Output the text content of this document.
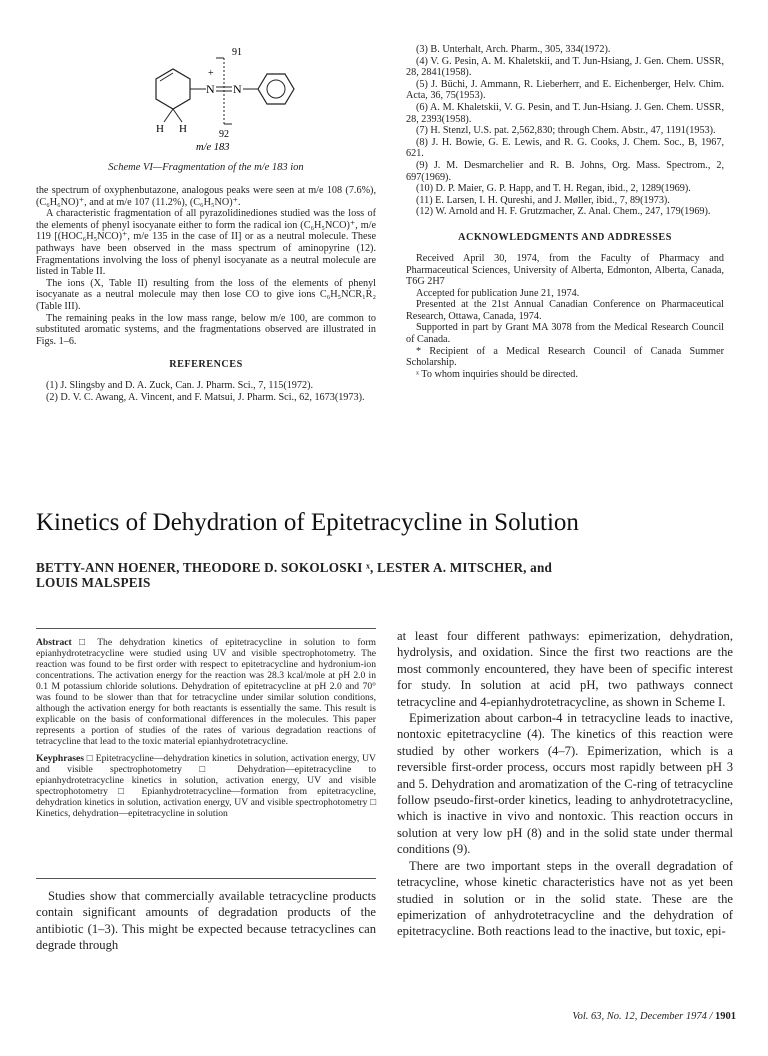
H H
N N
+
91
92
m/e 183
Scheme VI—Fragmentation of the m/e 183 ion

the spectrum of oxyphenbutazone, analogous peaks were seen at m/e 108 (7.6%), (C₆H₆NO)⁺, and at m/e 107 (11.2%), (C₆H₅NO)⁺.

A characteristic fragmentation of all pyrazolidinediones studied was the loss of the elements of phenyl isocyanate either to form the radical ion (C₆H₅NCO)⁺, m/e 119 [(HOC₆H₅NCO)⁺, m/e 135 in the case of II] or as a neutral molecule. These pathways have been observed in the mass spectrum of aminopyrine (12). Fragmentations involving the loss of phenyl isocyanate as a neutral molecule are listed in Table II.

The ions (X, Table II) resulting from the loss of the elements of phenyl isocyanate as a neutral molecule may then lose CO to give ions C₆H₅NCR₁R₂ (Table III).

The remaining peaks in the low mass range, below m/e 100, are common to substituted aromatic systems, and the fragmentations observed are illustrated in Figs. 1–6.

REFERENCES

(1) J. Slingsby and D. A. Zuck, Can. J. Pharm. Sci., 7, 115(1972).

(2) D. V. C. Awang, A. Vincent, and F. Matsui, J. Pharm. Sci., 62, 1673(1973).

(3) B. Unterhalt, Arch. Pharm., 305, 334(1972).

(4) V. G. Pesin, A. M. Khaletskii, and T. Jun-Hsiang, J. Gen. Chem. USSR, 28, 2841(1958).

(5) J. Büchi, J. Ammann, R. Lieberherr, and E. Eichenberger, Helv. Chim. Acta, 36, 75(1953).

(6) A. M. Khaletskii, V. G. Pesin, and T. Jun-Hsiang. J. Gen. Chem. USSR, 28, 2393(1958).

(7) H. Stenzl, U.S. pat. 2,562,830; through Chem. Abstr., 47, 1191(1953).

(8) J. H. Bowie, G. E. Lewis, and R. G. Cooks, J. Chem. Soc., B, 1967, 621.

(9) J. M. Desmarchelier and R. B. Johns, Org. Mass. Spectrom., 2, 697(1969).

(10) D. P. Maier, G. P. Happ, and T. H. Regan, ibid., 2, 1289(1969).

(11) E. Larsen, I. H. Qureshi, and J. Møller, ibid., 7, 89(1973).

(12) W. Arnold and H. F. Grutzmacher, Z. Anal. Chem., 247, 179(1969).

ACKNOWLEDGMENTS AND ADDRESSES

Received April 30, 1974, from the Faculty of Pharmacy and Pharmaceutical Sciences, University of Alberta, Edmonton, Alberta, Canada, T6G 2H7

Accepted for publication June 21, 1974.

Presented at the 21st Annual Canadian Conference on Pharmaceutical Research, Ottawa, Canada, 1974.

Supported in part by Grant MA 3078 from the Medical Research Council of Canada.

* Recipient of a Medical Research Council of Canada Summer Scholarship.

ˣ To whom inquiries should be directed.

Kinetics of Dehydration of Epitetracycline in Solution
BETTY-ANN HOENER, THEODORE D. SOKOLOSKI ˣ, LESTER A. MITSCHER, and
LOUIS MALSPEIS

Abstract □ The dehydration kinetics of epitetracycline in solution to form epianhydrotetracycline were studied using UV and visible spectrophotometry. The reaction was found to be first order with respect to epitetracycline and hydronium-ion concentrations. The activation energy for the reaction was 28.3 kcal/mole at pH 2.0 in 0.1 M potassium chloride solutions. Dehydration of epitetracycline at pH 2.0 and 70° was found to be slower than that for tetracycline under similar solution conditions, although the activation energy for both reactants is essentially the same. This result is explicable on the basis of conformational differences in the molecules. This paper represents a portion of studies of the rates of various degradation reactions of tetracycline that lead to the toxic material epianhydrotetracycline.

Keyphrases □ Epitetracycline—dehydration kinetics in solution, activation energy, UV and visible spectrophotometry □ Dehydration—epitetracycline to epianhydrotetracycline kinetics in solution, activation energy, UV and visible spectrophotometry □ Epianhydrotetracycline—formation from epitetracycline, dehydration kinetics in solution, activation energy, UV and visible spectrophotometry □ Kinetics, dehydration—epitetracycline in solution

Studies show that commercially available tetracycline products contain significant amounts of degradation products of the antibiotic (1–3). This might be expected because tetracyclines can degrade through

at least four different pathways: epimerization, dehydration, hydrolysis, and oxidation. Since the first two reactions are the most commonly encountered, they have been of specific interest for study. In solution at acid pH, two pathways connect tetracycline and 4-epianhydrotetracycline, as shown in Scheme I.

Epimerization about carbon-4 in tetracycline leads to inactive, nontoxic epitetracycline (4). The kinetics of this reaction were studied by other workers (4–7). Epimerization, which is a reversible first-order process, occurs most rapidly between pH 3 and 5. Dehydration and aromatization of the C-ring of tetracycline follow pseudo-first-order kinetics, leading to anhydrotetracycline, which is inactive in vivo and nontoxic. This reaction occurs in solution at very low pH (8) and in the solid state under thermal conditions (9).

There are two important steps in the overall degradation of tetracycline, whose kinetic characteristics have not as yet been studied in solution or in the solid state. These are the epimerization of anhydrotetracycline and the dehydration of epitetracycline. Both reactions lead to the inactive, but toxic, epi-

Vol. 63, No. 12, December 1974 / 1901
